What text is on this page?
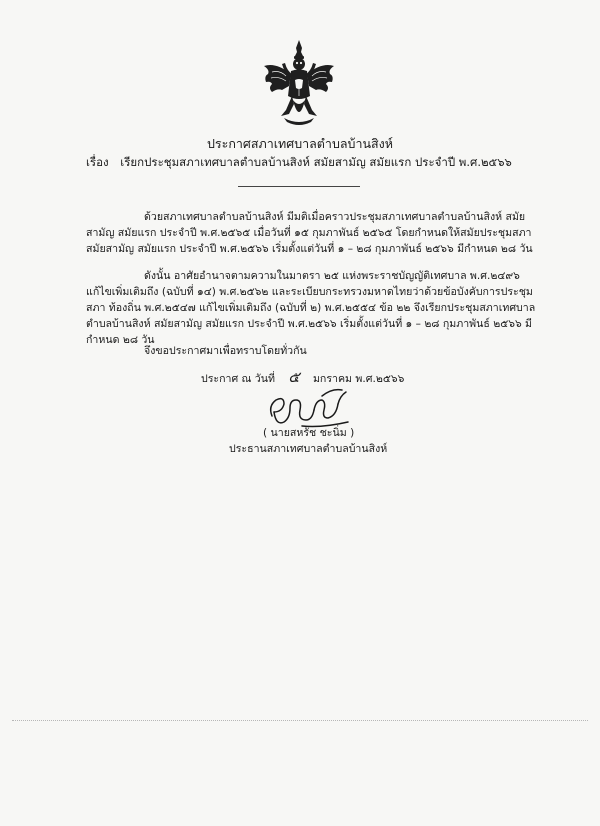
ประกาศสภาเทศบาลตำบลบ้านสิงห์
เรื่อง เรียกประชุมสภาเทศบาลตำบลบ้านสิงห์ สมัยสามัญ สมัยแรก ประจำปี พ.ศ.๒๕๖๖

ด้วยสภาเทศบาลตำบลบ้านสิงห์ มีมติเมื่อคราวประชุมสภาเทศบาลตำบลบ้านสิงห์ สมัยสามัญ สมัยแรก ประจำปี พ.ศ.๒๕๖๕ เมื่อวันที่ ๑๕ กุมภาพันธ์ ๒๕๖๕ โดยกำหนดให้สมัยประชุมสภา สมัยสามัญ สมัยแรก ประจำปี พ.ศ.๒๕๖๖ เริ่มตั้งแต่วันที่ ๑ – ๒๘ กุมภาพันธ์ ๒๕๖๖ มีกำหนด ๒๘ วัน

ดังนั้น อาศัยอำนาจตามความในมาตรา ๒๕ แห่งพระราชบัญญัติเทศบาล พ.ศ.๒๔๙๖ แก้ไขเพิ่มเติมถึง (ฉบับที่ ๑๔) พ.ศ.๒๕๖๒ และระเบียบกระทรวงมหาดไทยว่าด้วยข้อบังคับการประชุมสภา ท้องถิ่น พ.ศ.๒๕๔๗ แก้ไขเพิ่มเติมถึง (ฉบับที่ ๒) พ.ศ.๒๕๕๔ ข้อ ๒๒ จึงเรียกประชุมสภาเทศบาลตำบลบ้านสิงห์ สมัยสามัญ สมัยแรก ประจำปี พ.ศ.๒๕๖๖ เริ่มตั้งแต่วันที่ ๑ – ๒๘ กุมภาพันธ์ ๒๕๖๖ มีกำหนด ๒๘ วัน

จึงขอประกาศมาเพื่อทราบโดยทั่วกัน

ประกาศ ณ วันที่ ๕ มกราคม พ.ศ.๒๕๖๖
( นายสหรัช ชะนิ่ม )
ประธานสภาเทศบาลตำบลบ้านสิงห์
